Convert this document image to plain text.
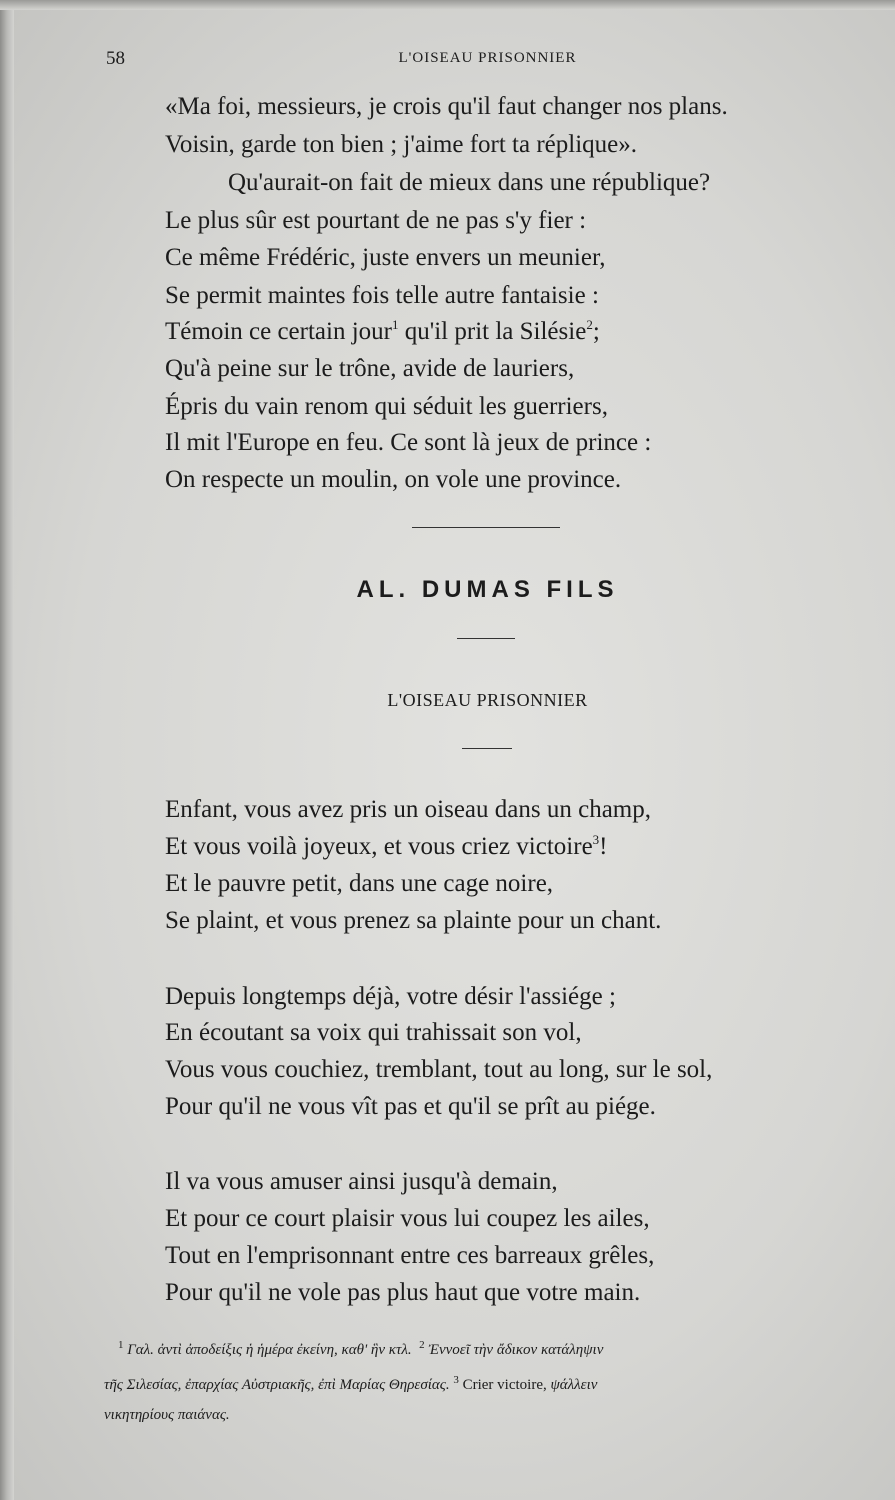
58	L'OISEAU PRISONNIER
«Ma foi, messieurs, je crois qu'il faut changer nos plans.
Voisin, garde ton bien ; j'aime fort ta réplique».
Qu'aurait-on fait de mieux dans une république?
Le plus sûr est pourtant de ne pas s'y fier :
Ce même Frédéric, juste envers un meunier,
Se permit maintes fois telle autre fantaisie :
Témoin ce certain jour$^1$ qu'il prit la Silésie$^2$;
Qu'à peine sur le trône, avide de lauriers,
Épris du vain renom qui séduit les guerriers,
Il mit l'Europe en feu. Ce sont là jeux de prince :
On respecte un moulin, on vole une province.
AL. DUMAS FILS
L'OISEAU PRISONNIER
Enfant, vous avez pris un oiseau dans un champ,
Et vous voilà joyeux, et vous criez victoire$^3$!
Et le pauvre petit, dans une cage noire,
Se plaint, et vous prenez sa plainte pour un chant.
Depuis longtemps déjà, votre désir l'assiége ;
En écoutant sa voix qui trahissait son vol,
Vous vous couchiez, tremblant, tout au long, sur le sol,
Pour qu'il ne vous vît pas et qu'il se prît au piége.
Il va vous amuser ainsi jusqu'à demain,
Et pour ce court plaisir vous lui coupez les ailes,
Tout en l'emprisonnant entre ces barreaux grêles,
Pour qu'il ne vole pas plus haut que votre main.
$^1$ Γαλ. ἀντὶ ἀποδείξις ἡ ἡμέρα ἐκείνη, καθ' ἣν κτλ. $^2$ Ἐννοεῖ τὴν ἄδικον κατάληψιν
τῆς Σιλεσίας, ἐπαρχίας Αὐστριακῆς, ἐπὶ Μαρίας Θηρεσίας. $^3$ Crier victoire, ψάλλειν
νικητηρίους παιάνας.
